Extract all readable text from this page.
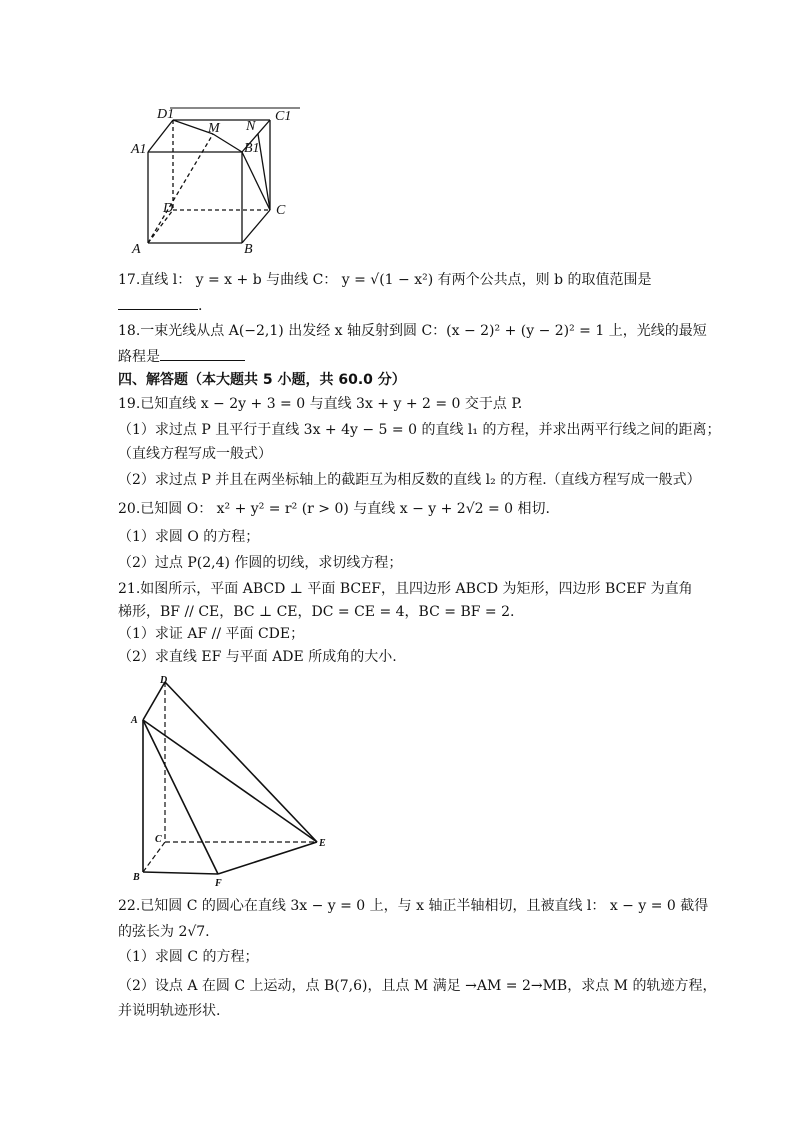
D1	C1
M N
A1	B1
D	C
A	B
17.直线 l： y = x + b 与曲线 C： y = √(1 − x²) 有两个公共点，则 b 的取值范围是
.
18.一束光线从点 A(−2,1) 出发经 x 轴反射到圆 C：(x − 2)² + (y − 2)² = 1 上，光线的最短
路程是
四、解答题（本大题共 5 小题，共 60.0 分）
19.已知直线 x − 2y + 3 = 0 与直线 3x + y + 2 = 0 交于点 P.
（1）求过点 P 且平行于直线 3x + 4y − 5 = 0 的直线 l₁ 的方程，并求出两平行线之间的距离；
（直线方程写成一般式）
（2）求过点 P 并且在两坐标轴上的截距互为相反数的直线 l₂ 的方程.（直线方程写成一般式）
20.已知圆 O： x² + y² = r² (r > 0) 与直线 x − y + 2√2 = 0 相切.
（1）求圆 O 的方程；
（2）过点 P(2,4) 作圆的切线，求切线方程；
21.如图所示，平面 ABCD ⊥ 平面 BCEF，且四边形 ABCD 为矩形，四边形 BCEF 为直角
梯形，BF // CE，BC ⊥ CE，DC = CE = 4，BC = BF = 2.
（1）求证 AF // 平面 CDE；
（2）求直线 EF 与平面 ADE 所成角的大小.
D
A
C	E
B
F
22.已知圆 C 的圆心在直线 3x − y = 0 上，与 x 轴正半轴相切，且被直线 l： x − y = 0 截得
的弦长为 2√7.
（1）求圆 C 的方程；
（2）设点 A 在圆 C 上运动，点 B(7,6)，且点 M 满足 →AM = 2→MB，求点 M 的轨迹方程，
并说明轨迹形状.
